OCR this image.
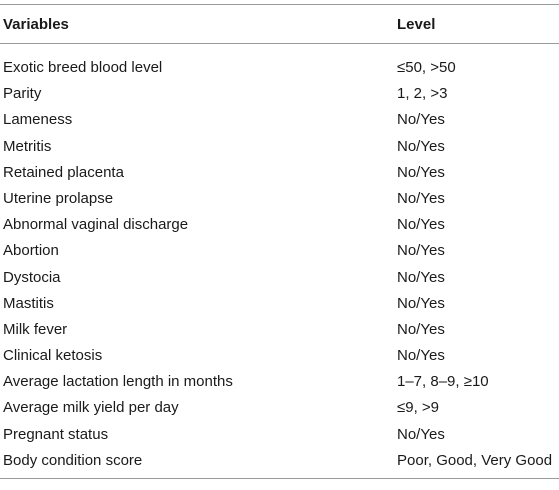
Variables	Level
Exotic breed blood level	≤50, >50
Parity	1, 2, >3
Lameness	No/Yes
Metritis	No/Yes
Retained placenta	No/Yes
Uterine prolapse	No/Yes
Abnormal vaginal discharge	No/Yes
Abortion	No/Yes
Dystocia	No/Yes
Mastitis	No/Yes
Milk fever	No/Yes
Clinical ketosis	No/Yes
Average lactation length in months	1–7, 8–9, ≥10
Average milk yield per day	≤9, >9
Pregnant status	No/Yes
Body condition score	Poor, Good, Very Good
